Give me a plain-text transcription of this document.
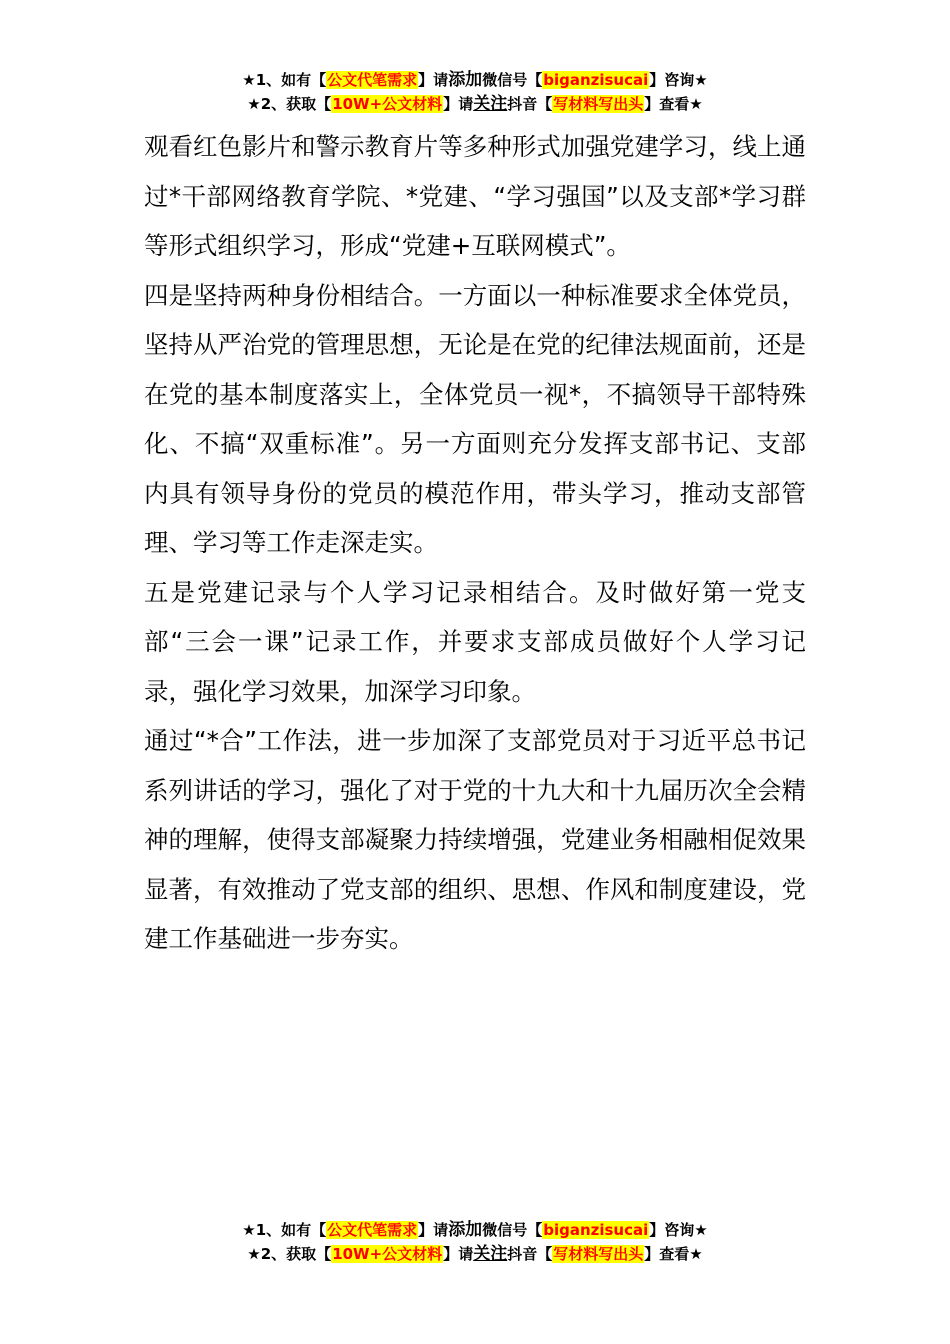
★1、如有【公文代笔需求】请添加微信号【biganzisucai】咨询★
★2、获取【10W+公文材料】请关注抖音【写材料写出头】查看★

观看红色影片和警示教育片等多种形式加强党建学习，线上通过*干部网络教育学院、*党建、“学习强国”以及支部*学习群等形式组织学习，形成“党建+互联网模式”。

四是坚持两种身份相结合。一方面以一种标准要求全体党员，坚持从严治党的管理思想，无论是在党的纪律法规面前，还是在党的基本制度落实上，全体党员一视*，不搞领导干部特殊化、不搞“双重标准”。另一方面则充分发挥支部书记、支部内具有领导身份的党员的模范作用，带头学习，推动支部管理、学习等工作走深走实。

五是党建记录与个人学习记录相结合。及时做好第一党支部“三会一课”记录工作，并要求支部成员做好个人学习记录，强化学习效果，加深学习印象。

通过“*合”工作法，进一步加深了支部党员对于习近平总书记系列讲话的学习，强化了对于党的十九大和十九届历次全会精神的理解，使得支部凝聚力持续增强，党建业务相融相促效果显著，有效推动了党支部的组织、思想、作风和制度建设，党建工作基础进一步夯实。

★1、如有【公文代笔需求】请添加微信号【biganzisucai】咨询★
★2、获取【10W+公文材料】请关注抖音【写材料写出头】查看★
